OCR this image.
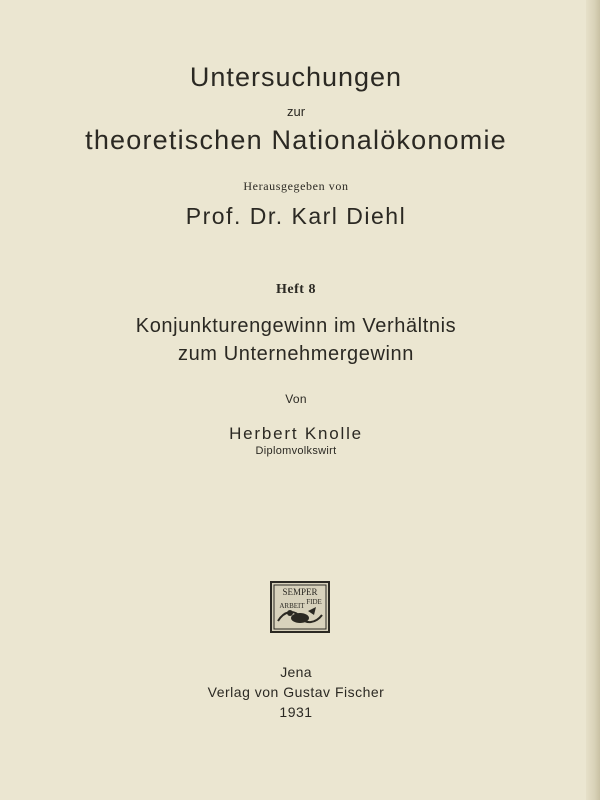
Untersuchungen
zur
theoretischen Nationalökonomie
Herausgegeben von
Prof. Dr. Karl Diehl
Heft 8
Konjunkturengewinn im Verhältnis
zum Unternehmergewinn
Von
Herbert Knolle
Diplomvolkswirt
SEMPER
FIDE
ARBEIT
Jena
Verlag von Gustav Fischer
1931
